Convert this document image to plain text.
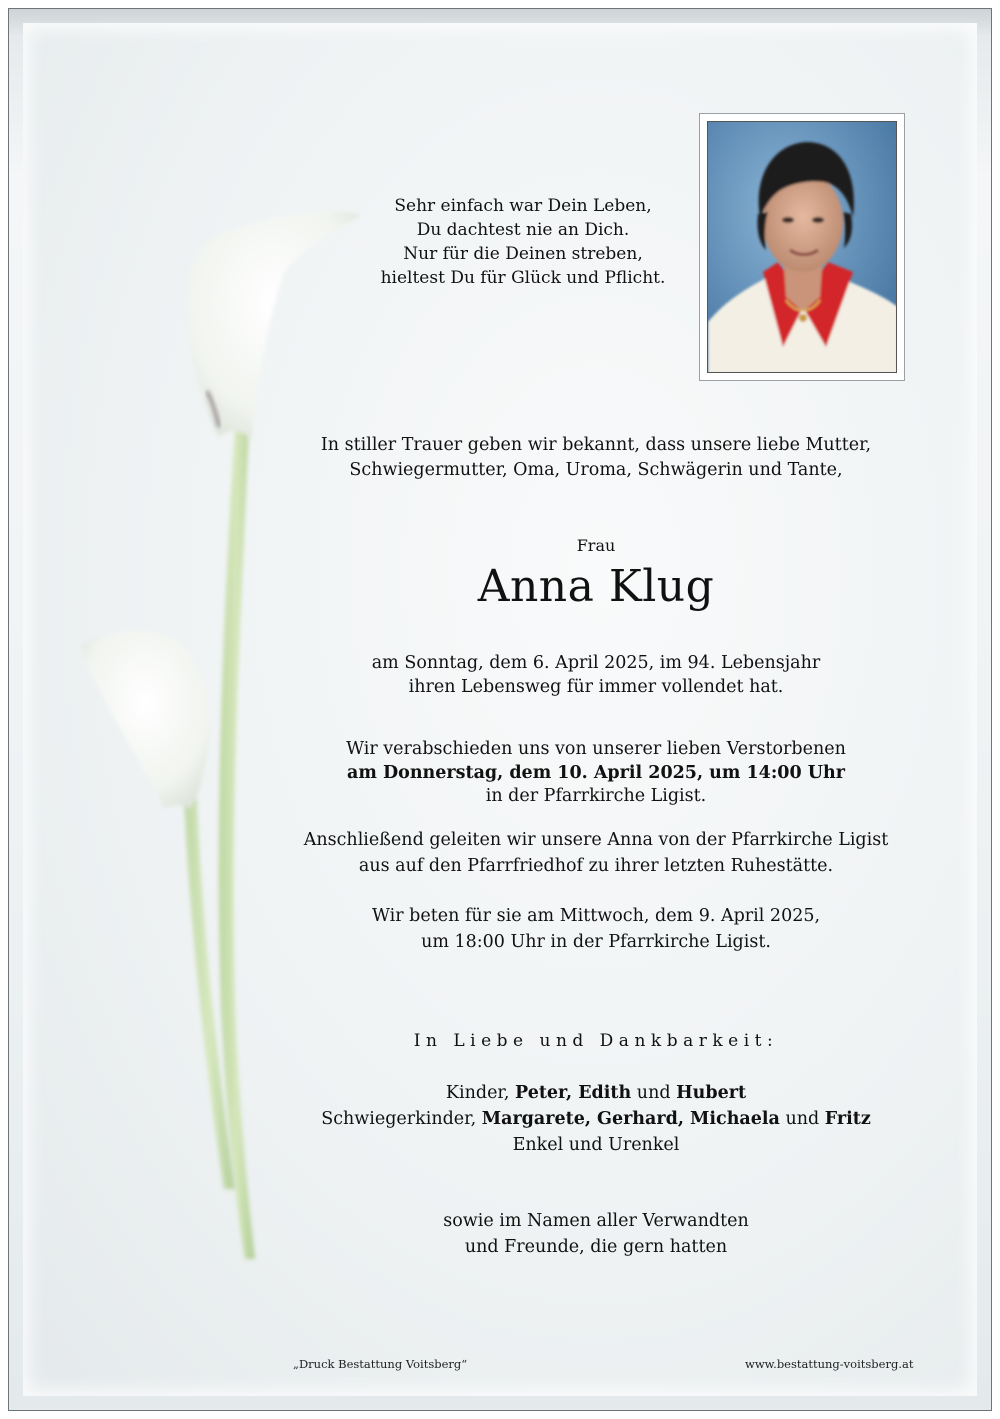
Sehr einfach war Dein Leben,

Du dachtest nie an Dich.

Nur für die Deinen streben,

hieltest Du für Glück und Pflicht.

In stiller Trauer geben wir bekannt, dass unsere liebe Mutter,

Schwiegermutter, Oma, Uroma, Schwägerin und Tante,

Frau
Anna Klug

am Sonntag, dem 6. April 2025, im 94. Lebensjahr

ihren Lebensweg für immer vollendet hat.

Wir verabschieden uns von unserer lieben Verstorbenen

am Donnerstag, dem 10. April 2025, um 14:00 Uhr

in der Pfarrkirche Ligist.

Anschließend geleiten wir unsere Anna von der Pfarrkirche Ligist

aus auf den Pfarrfriedhof zu ihrer letzten Ruhestätte.

Wir beten für sie am Mittwoch, dem 9. April 2025,

um 18:00 Uhr in der Pfarrkirche Ligist.

In Liebe und Dankbarkeit:

Kinder, Peter, Edith und Hubert

Schwiegerkinder, Margarete, Gerhard, Michaela und Fritz

Enkel und Urenkel

sowie im Namen aller Verwandten

und Freunde, die gern hatten

„Druck Bestattung Voitsberg“	www.bestattung-voitsberg.at
